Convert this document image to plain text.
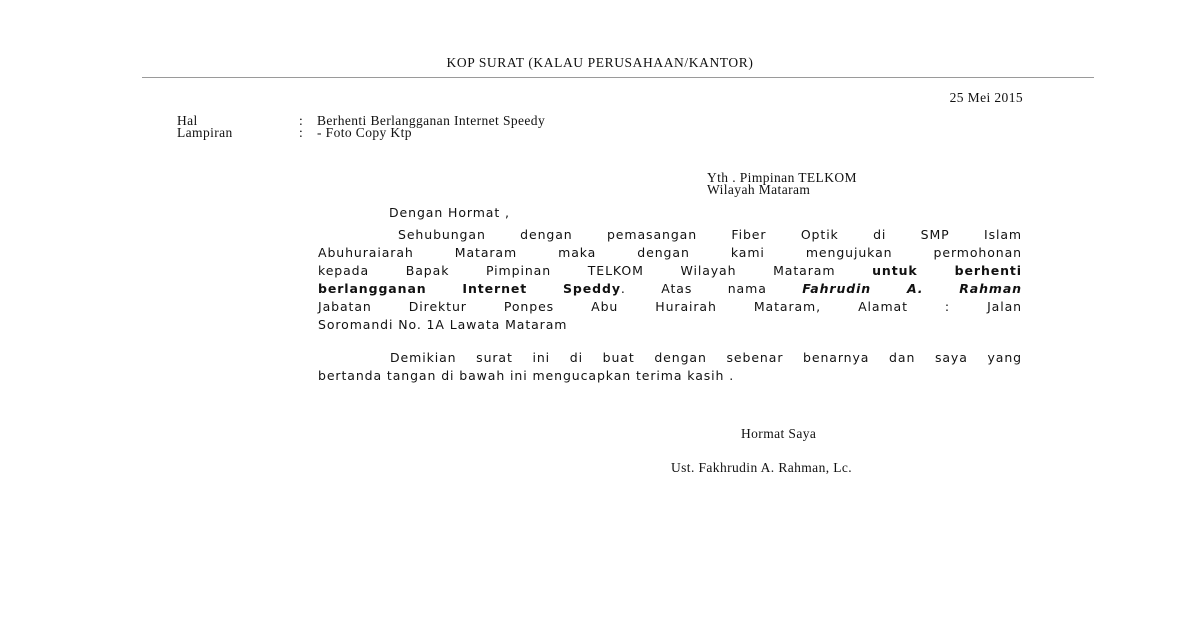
KOP SURAT (KALAU PERUSAHAAN/KANTOR)
25 Mei 2015
Hal	: Berhenti Berlangganan Internet Speedy
Lampiran	: - Foto Copy Ktp
Yth . Pimpinan TELKOM
Wilayah Mataram
Dengan Hormat ,
Sehubungan dengan pemasangan Fiber Optik di SMP Islam
Abuhuraiarah Mataram maka dengan kami mengujukan permohonan
kepada Bapak Pimpinan TELKOM Wilayah Mataram untuk berhenti
berlangganan Internet Speddy. Atas nama Fahrudin A. Rahman
Jabatan Direktur Ponpes Abu Hurairah Mataram, Alamat : Jalan
Soromandi No. 1A Lawata Mataram
Demikian surat ini di buat dengan sebenar benarnya dan saya yang
bertanda tangan di bawah ini mengucapkan terima kasih .
Hormat Saya
Ust. Fakhrudin A. Rahman, Lc.
